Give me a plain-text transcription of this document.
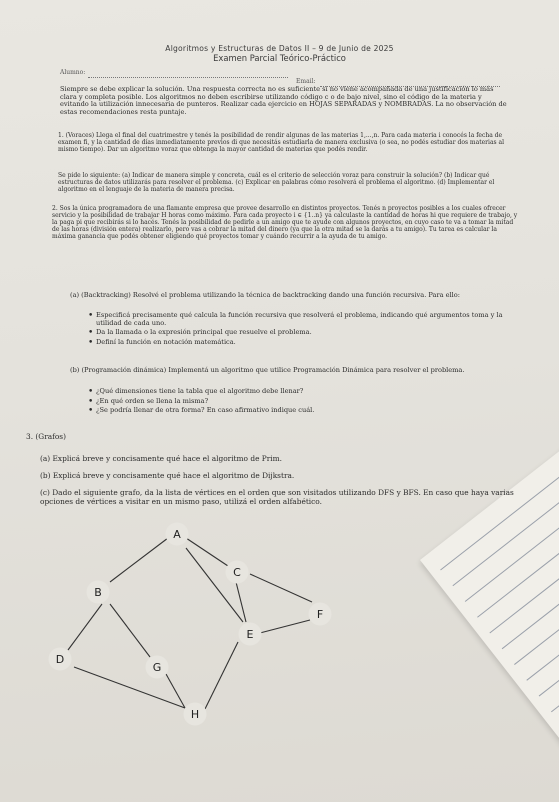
Algoritmos y Estructuras de Datos II – 9 de Junio de 2025
Examen Parcial Teórico-Práctico
Alumno:
Email:
Siempre se debe explicar la solución. Una respuesta correcta no es suficiente si no viene acompañada de una justificación lo más clara y completa posible. Los algoritmos no deben escribirse utilizando código c o de bajo nivel, sino el código de la materia y evitando la utilización innecesaria de punteros. Realizar cada ejercicio en HOJAS SEPARADAS y NOMBRADAS. La no observación de estas recomendaciones resta puntaje.
1. (Voraces) Llega el final del cuatrimestre y tenés la posibilidad de rendir algunas de las materias 1,...,n. Para cada materia i conocés la fecha de examen fi, y la cantidad de días inmediatamente previos di que necesitás estudiarla de manera exclusiva (o sea, no podés estudiar dos materias al mismo tiempo). Dar un algoritmo voraz que obtenga la mayor cantidad de materias que podés rendir.
Se pide lo siguiente: (a) Indicar de manera simple y concreta, cuál es el criterio de selección voraz para construir la solución? (b) Indicar qué estructuras de datos utilizarás para resolver el problema. (c) Explicar en palabras cómo resolverá el problema el algoritmo. (d) Implementar el algoritmo en el lenguaje de la materia de manera precisa.
2. Sos la única programadora de una flamante empresa que provee desarrollo en distintos proyectos. Tenés n proyectos posibles a los cuales ofrecer servicio y la posibilidad de trabajar H horas como máximo. Para cada proyecto i ∈ {1..n} ya calculaste la cantidad de horas hi que requiere de trabajo, y la paga pi que recibirás si lo hacés. Tenés la posibilidad de pedirle a un amigo que te ayude con algunos proyectos, en cuyo caso te va a tomar la mitad de las horas (división entera) realizarlo, pero vas a cobrar la mitad del dinero (ya que la otra mitad se la darás a tu amigo). Tu tarea es calcular la máxima ganancia que podés obtener eligiendo qué proyectos tomar y cuándo recurrir a la ayuda de tu amigo.
(a) (Backtracking) Resolvé el problema utilizando la técnica de backtracking dando una función recursiva. Para ello:
• Especificá precisamente qué calcula la función recursiva que resolverá el problema, indicando qué argumentos toma y la utilidad de cada uno.
• Da la llamada o la expresión principal que resuelve el problema.
• Definí la función en notación matemática.
(b) (Programación dinámica) Implementá un algoritmo que utilice Programación Dinámica para resolver el problema.
• ¿Qué dimensiones tiene la tabla que el algoritmo debe llenar?
• ¿En qué orden se llena la misma?
• ¿Se podría llenar de otra forma? En caso afirmativo indique cuál.
3. (Grafos)
(a) Explicá breve y concisamente qué hace el algoritmo de Prim.
(b) Explicá breve y concisamente qué hace el algoritmo de Dijkstra.
(c) Dado el siguiente grafo, da la lista de vértices en el orden que son visitados utilizando DFS y BFS. En caso que haya varias opciones de vértices a visitar en un mismo paso, utilizá el orden alfabético.
A
B
C
D
E
F
G
H
